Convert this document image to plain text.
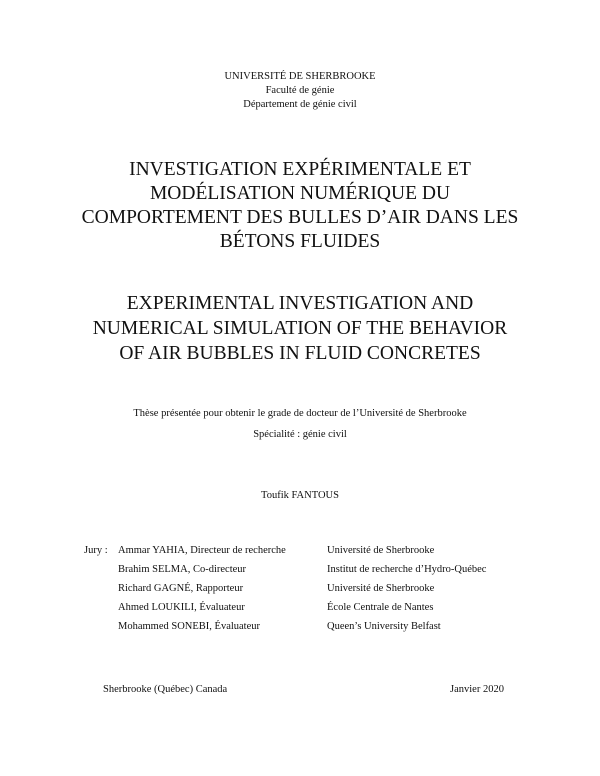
UNIVERSITÉ DE SHERBROOKE
Faculté de génie
Département de génie civil
INVESTIGATION EXPÉRIMENTALE ET
MODÉLISATION NUMÉRIQUE DU
COMPORTEMENT DES BULLES D’AIR DANS LES
BÉTONS FLUIDES
EXPERIMENTAL INVESTIGATION AND
NUMERICAL SIMULATION OF THE BEHAVIOR
OF AIR BUBBLES IN FLUID CONCRETES
Thèse présentée pour obtenir le grade de docteur de l’Université de Sherbrooke
Spécialité : génie civil
Toufik FANTOUS
Jury : Ammar YAHIA, Directeur de recherche	Université de Sherbrooke
Brahim SELMA, Co-directeur	Institut de recherche d’Hydro-Québec
Richard GAGNÉ, Rapporteur	Université de Sherbrooke
Ahmed LOUKILI, Évaluateur	École Centrale de Nantes
Mohammed SONEBI, Évaluateur	Queen’s University Belfast
Sherbrooke (Québec) Canada	Janvier 2020
